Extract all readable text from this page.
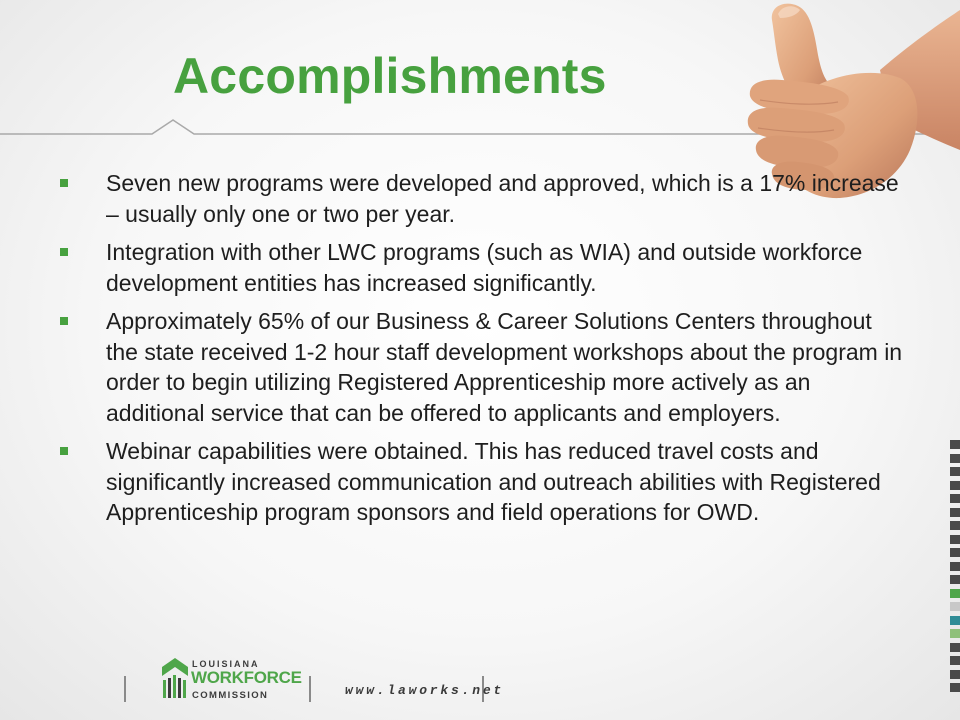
Accomplishments
Seven new programs were developed and approved, which is a 17% increase – usually only one or two per year.
Integration with other LWC programs (such as WIA) and outside workforce development entities has increased significantly.
Approximately 65% of our Business & Career Solutions Centers throughout the state received 1-2 hour staff development workshops about the program in order to begin utilizing Registered Apprenticeship more actively as an additional service that can be offered to applicants and employers.
Webinar capabilities were obtained. This has reduced travel costs and significantly increased communication and outreach abilities with Registered Apprenticeship program sponsors and field operations for OWD.
LOUISIANA
WORKFORCE
COMMISSION	www.laworks.net
